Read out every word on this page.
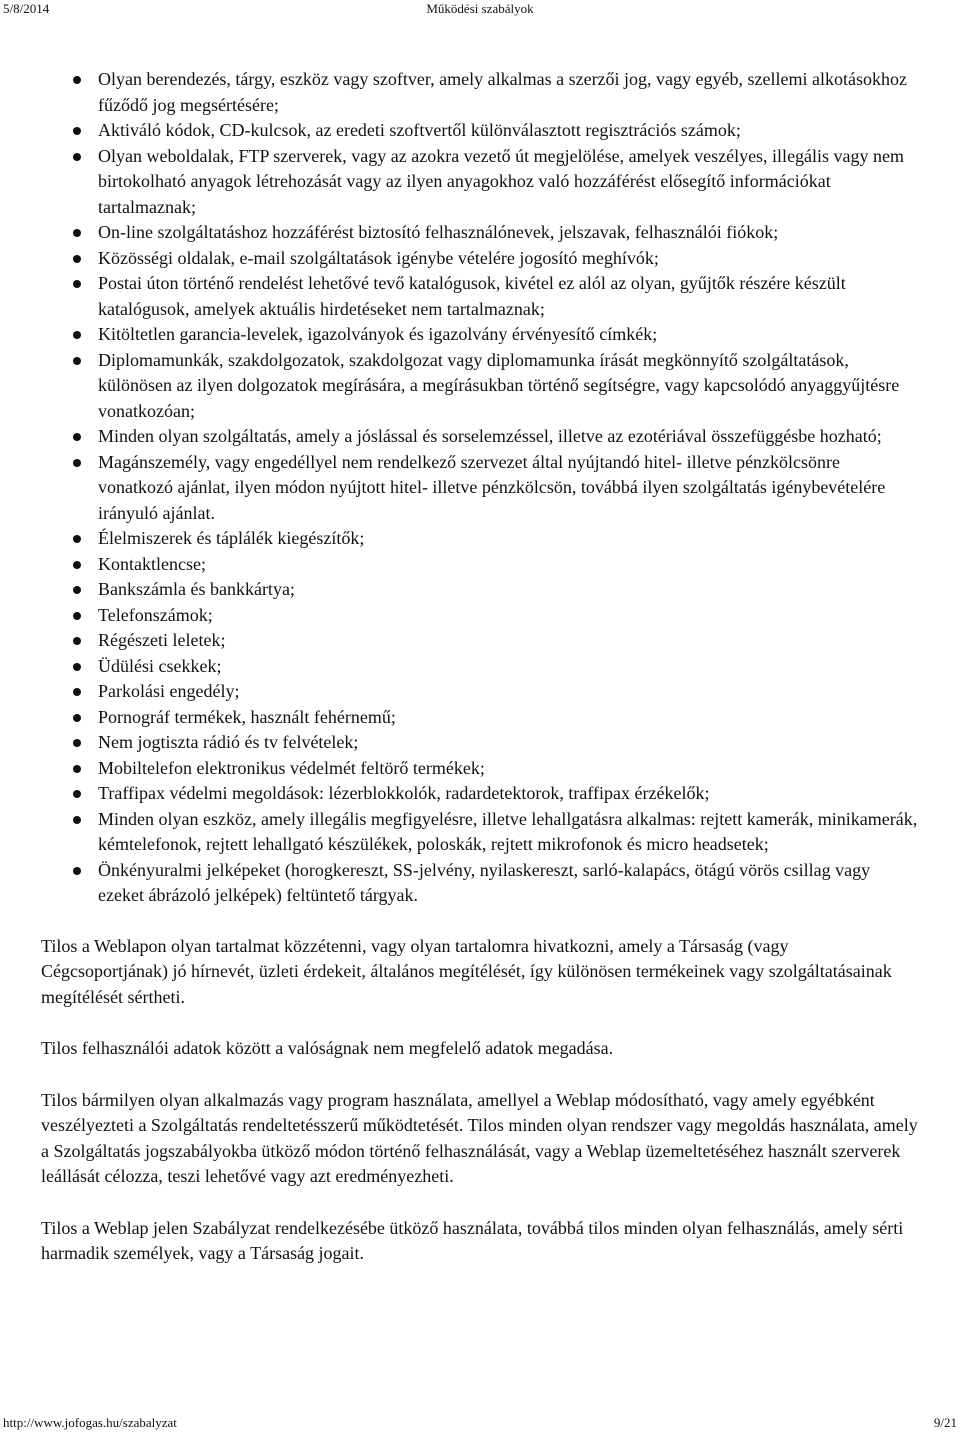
5/8/2014	Működési szabályok
Olyan berendezés, tárgy, eszköz vagy szoftver, amely alkalmas a szerzői jog, vagy egyéb, szellemi alkotásokhoz fűződő jog megsértésére;
Aktiváló kódok, CD-kulcsok, az eredeti szoftvertől különválasztott regisztrációs számok;
Olyan weboldalak, FTP szerverek, vagy az azokra vezető út megjelölése, amelyek veszélyes, illegális vagy nem birtokolható anyagok létrehozását vagy az ilyen anyagokhoz való hozzáférést elősegítő információkat tartalmaznak;
On-line szolgáltatáshoz hozzáférést biztosító felhasználónevek, jelszavak, felhasználói fiókok;
Közösségi oldalak, e-mail szolgáltatások igénybe vételére jogosító meghívók;
Postai úton történő rendelést lehetővé tevő katalógusok, kivétel ez alól az olyan, gyűjtők részére készült katalógusok, amelyek aktuális hirdetéseket nem tartalmaznak;
Kitöltetlen garancia-levelek, igazolványok és igazolvány érvényesítő címkék;
Diplomamunkák, szakdolgozatok, szakdolgozat vagy diplomamunka írását megkönnyítő szolgáltatások, különösen az ilyen dolgozatok megírására, a megírásukban történő segítségre, vagy kapcsolódó anyaggyűjtésre vonatkozóan;
Minden olyan szolgáltatás, amely a jóslással és sorselemzéssel, illetve az ezotériával összefüggésbe hozható;
Magánszemély, vagy engedéllyel nem rendelkező szervezet által nyújtandó hitel- illetve pénzkölcsönre vonatkozó ajánlat, ilyen módon nyújtott hitel- illetve pénzkölcsön, továbbá ilyen szolgáltatás igénybevételére irányuló ajánlat.
Élelmiszerek és táplálék kiegészítők;
Kontaktlencse;
Bankszámla és bankkártya;
Telefonszámok;
Régészeti leletek;
Üdülési csekkek;
Parkolási engedély;
Pornográf termékek, használt fehérnemű;
Nem jogtiszta rádió és tv felvételek;
Mobiltelefon elektronikus védelmét feltörő termékek;
Traffipax védelmi megoldások: lézerblokkolók, radardetektorok, traffipax érzékelők;
Minden olyan eszköz, amely illegális megfigyelésre, illetve lehallgatásra alkalmas: rejtett kamerák, minikamerák, kémtelefonok, rejtett lehallgató készülékek, poloskák, rejtett mikrofonok és micro headsetek;
Önkényuralmi jelképeket (horogkereszt, SS-jelvény, nyilaskereszt, sarló-kalapács, ötágú vörös csillag vagy ezeket ábrázoló jelképek) feltüntető tárgyak.

Tilos a Weblapon olyan tartalmat közzétenni, vagy olyan tartalomra hivatkozni, amely a Társaság (vagy Cégcsoportjának) jó hírnevét, üzleti érdekeit, általános megítélését, így különösen termékeinek vagy szolgáltatásainak megítélését sértheti.

Tilos felhasználói adatok között a valóságnak nem megfelelő adatok megadása.

Tilos bármilyen olyan alkalmazás vagy program használata, amellyel a Weblap módosítható, vagy amely egyébként veszélyezteti a Szolgáltatás rendeltetésszerű működtetését. Tilos minden olyan rendszer vagy megoldás használata, amely a Szolgáltatás jogszabályokba ütköző módon történő felhasználását, vagy a Weblap üzemeltetéséhez használt szerverek leállását célozza, teszi lehetővé vagy azt eredményezheti.

Tilos a Weblap jelen Szabályzat rendelkezésébe ütköző használata, továbbá tilos minden olyan felhasználás, amely sérti harmadik személyek, vagy a Társaság jogait.

http://www.jofogas.hu/szabalyzat	9/21
